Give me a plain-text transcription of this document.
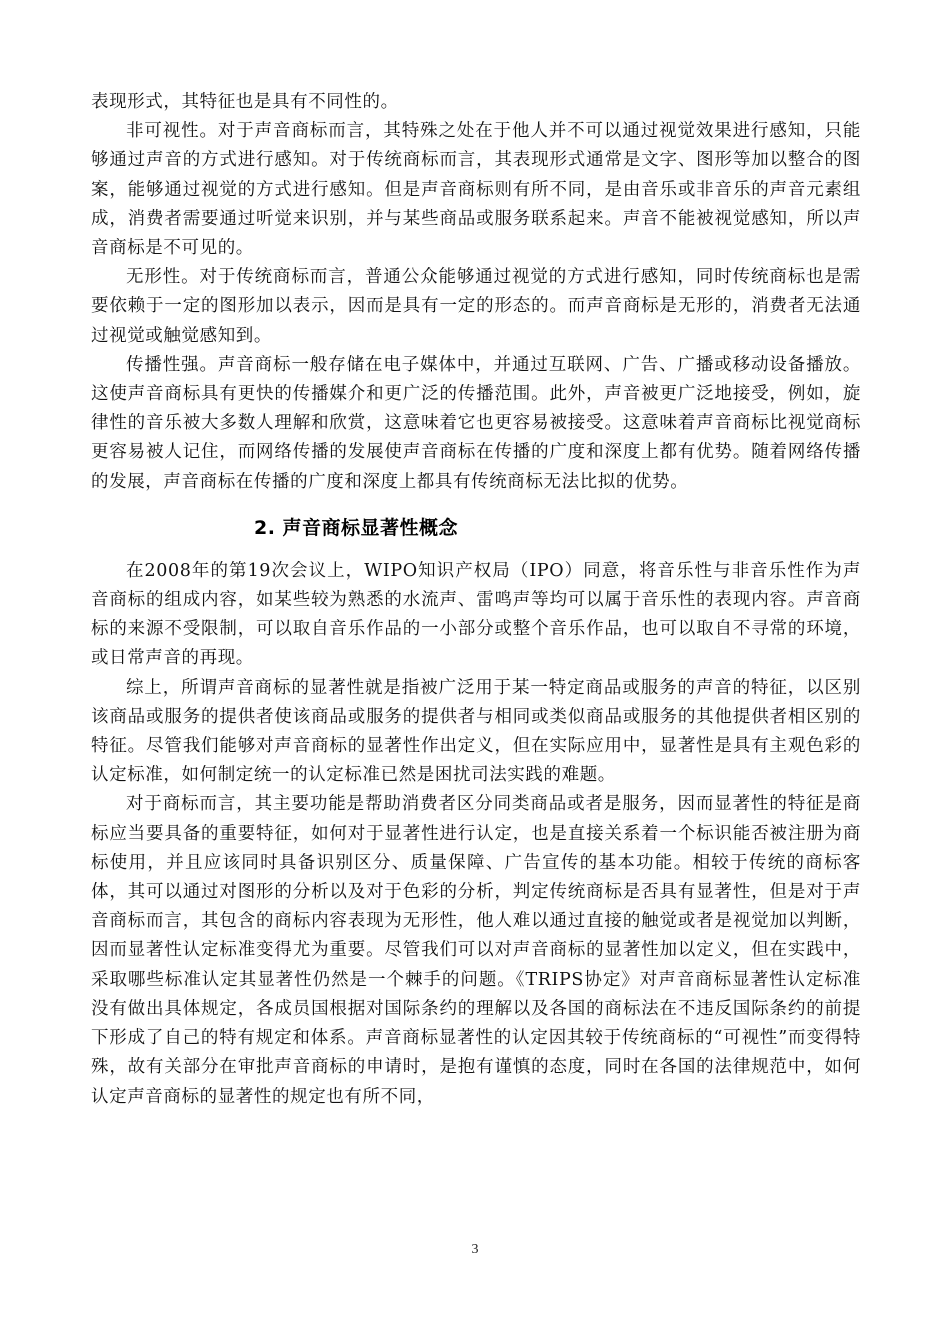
表现形式，其特征也是具有不同性的。

非可视性。对于声音商标而言，其特殊之处在于他人并不可以通过视觉效果进行感知，只能够通过声音的方式进行感知。对于传统商标而言，其表现形式通常是文字、图形等加以整合的图案，能够通过视觉的方式进行感知。但是声音商标则有所不同，是由音乐或非音乐的声音元素组成，消费者需要通过听觉来识别，并与某些商品或服务联系起来。声音不能被视觉感知，所以声音商标是不可见的。

无形性。对于传统商标而言，普通公众能够通过视觉的方式进行感知，同时传统商标也是需要依赖于一定的图形加以表示，因而是具有一定的形态的。而声音商标是无形的，消费者无法通过视觉或触觉感知到。

传播性强。声音商标一般存储在电子媒体中，并通过互联网、广告、广播或移动设备播放。这使声音商标具有更快的传播媒介和更广泛的传播范围。此外，声音被更广泛地接受，例如，旋律性的音乐被大多数人理解和欣赏，这意味着它也更容易被接受。这意味着声音商标比视觉商标更容易被人记住，而网络传播的发展使声音商标在传播的广度和深度上都有优势。随着网络传播的发展，声音商标在传播的广度和深度上都具有传统商标无法比拟的优势。

2. 声音商标显著性概念

在2008年的第19次会议上，WIPO知识产权局（IPO）同意，将音乐性与非音乐性作为声音商标的组成内容，如某些较为熟悉的水流声、雷鸣声等均可以属于音乐性的表现内容。声音商标的来源不受限制，可以取自音乐作品的一小部分或整个音乐作品，也可以取自不寻常的环境，或日常声音的再现。

综上，所谓声音商标的显著性就是指被广泛用于某一特定商品或服务的声音的特征，以区别该商品或服务的提供者使该商品或服务的提供者与相同或类似商品或服务的其他提供者相区别的特征。尽管我们能够对声音商标的显著性作出定义，但在实际应用中，显著性是具有主观色彩的认定标准，如何制定统一的认定标准已然是困扰司法实践的难题。

对于商标而言，其主要功能是帮助消费者区分同类商品或者是服务，因而显著性的特征是商标应当要具备的重要特征，如何对于显著性进行认定，也是直接关系着一个标识能否被注册为商标使用，并且应该同时具备识别区分、质量保障、广告宣传的基本功能。相较于传统的商标客体，其可以通过对图形的分析以及对于色彩的分析，判定传统商标是否具有显著性，但是对于声音商标而言，其包含的商标内容表现为无形性，他人难以通过直接的触觉或者是视觉加以判断，因而显著性认定标准变得尤为重要。尽管我们可以对声音商标的显著性加以定义，但在实践中，采取哪些标准认定其显著性仍然是一个棘手的问题。《TRIPS协定》对声音商标显著性认定标准没有做出具体规定，各成员国根据对国际条约的理解以及各国的商标法在不违反国际条约的前提下形成了自己的特有规定和体系。声音商标显著性的认定因其较于传统商标的“可视性”而变得特殊，故有关部分在审批声音商标的申请时，是抱有谨慎的态度，同时在各国的法律规范中，如何认定声音商标的显著性的规定也有所不同，

3
